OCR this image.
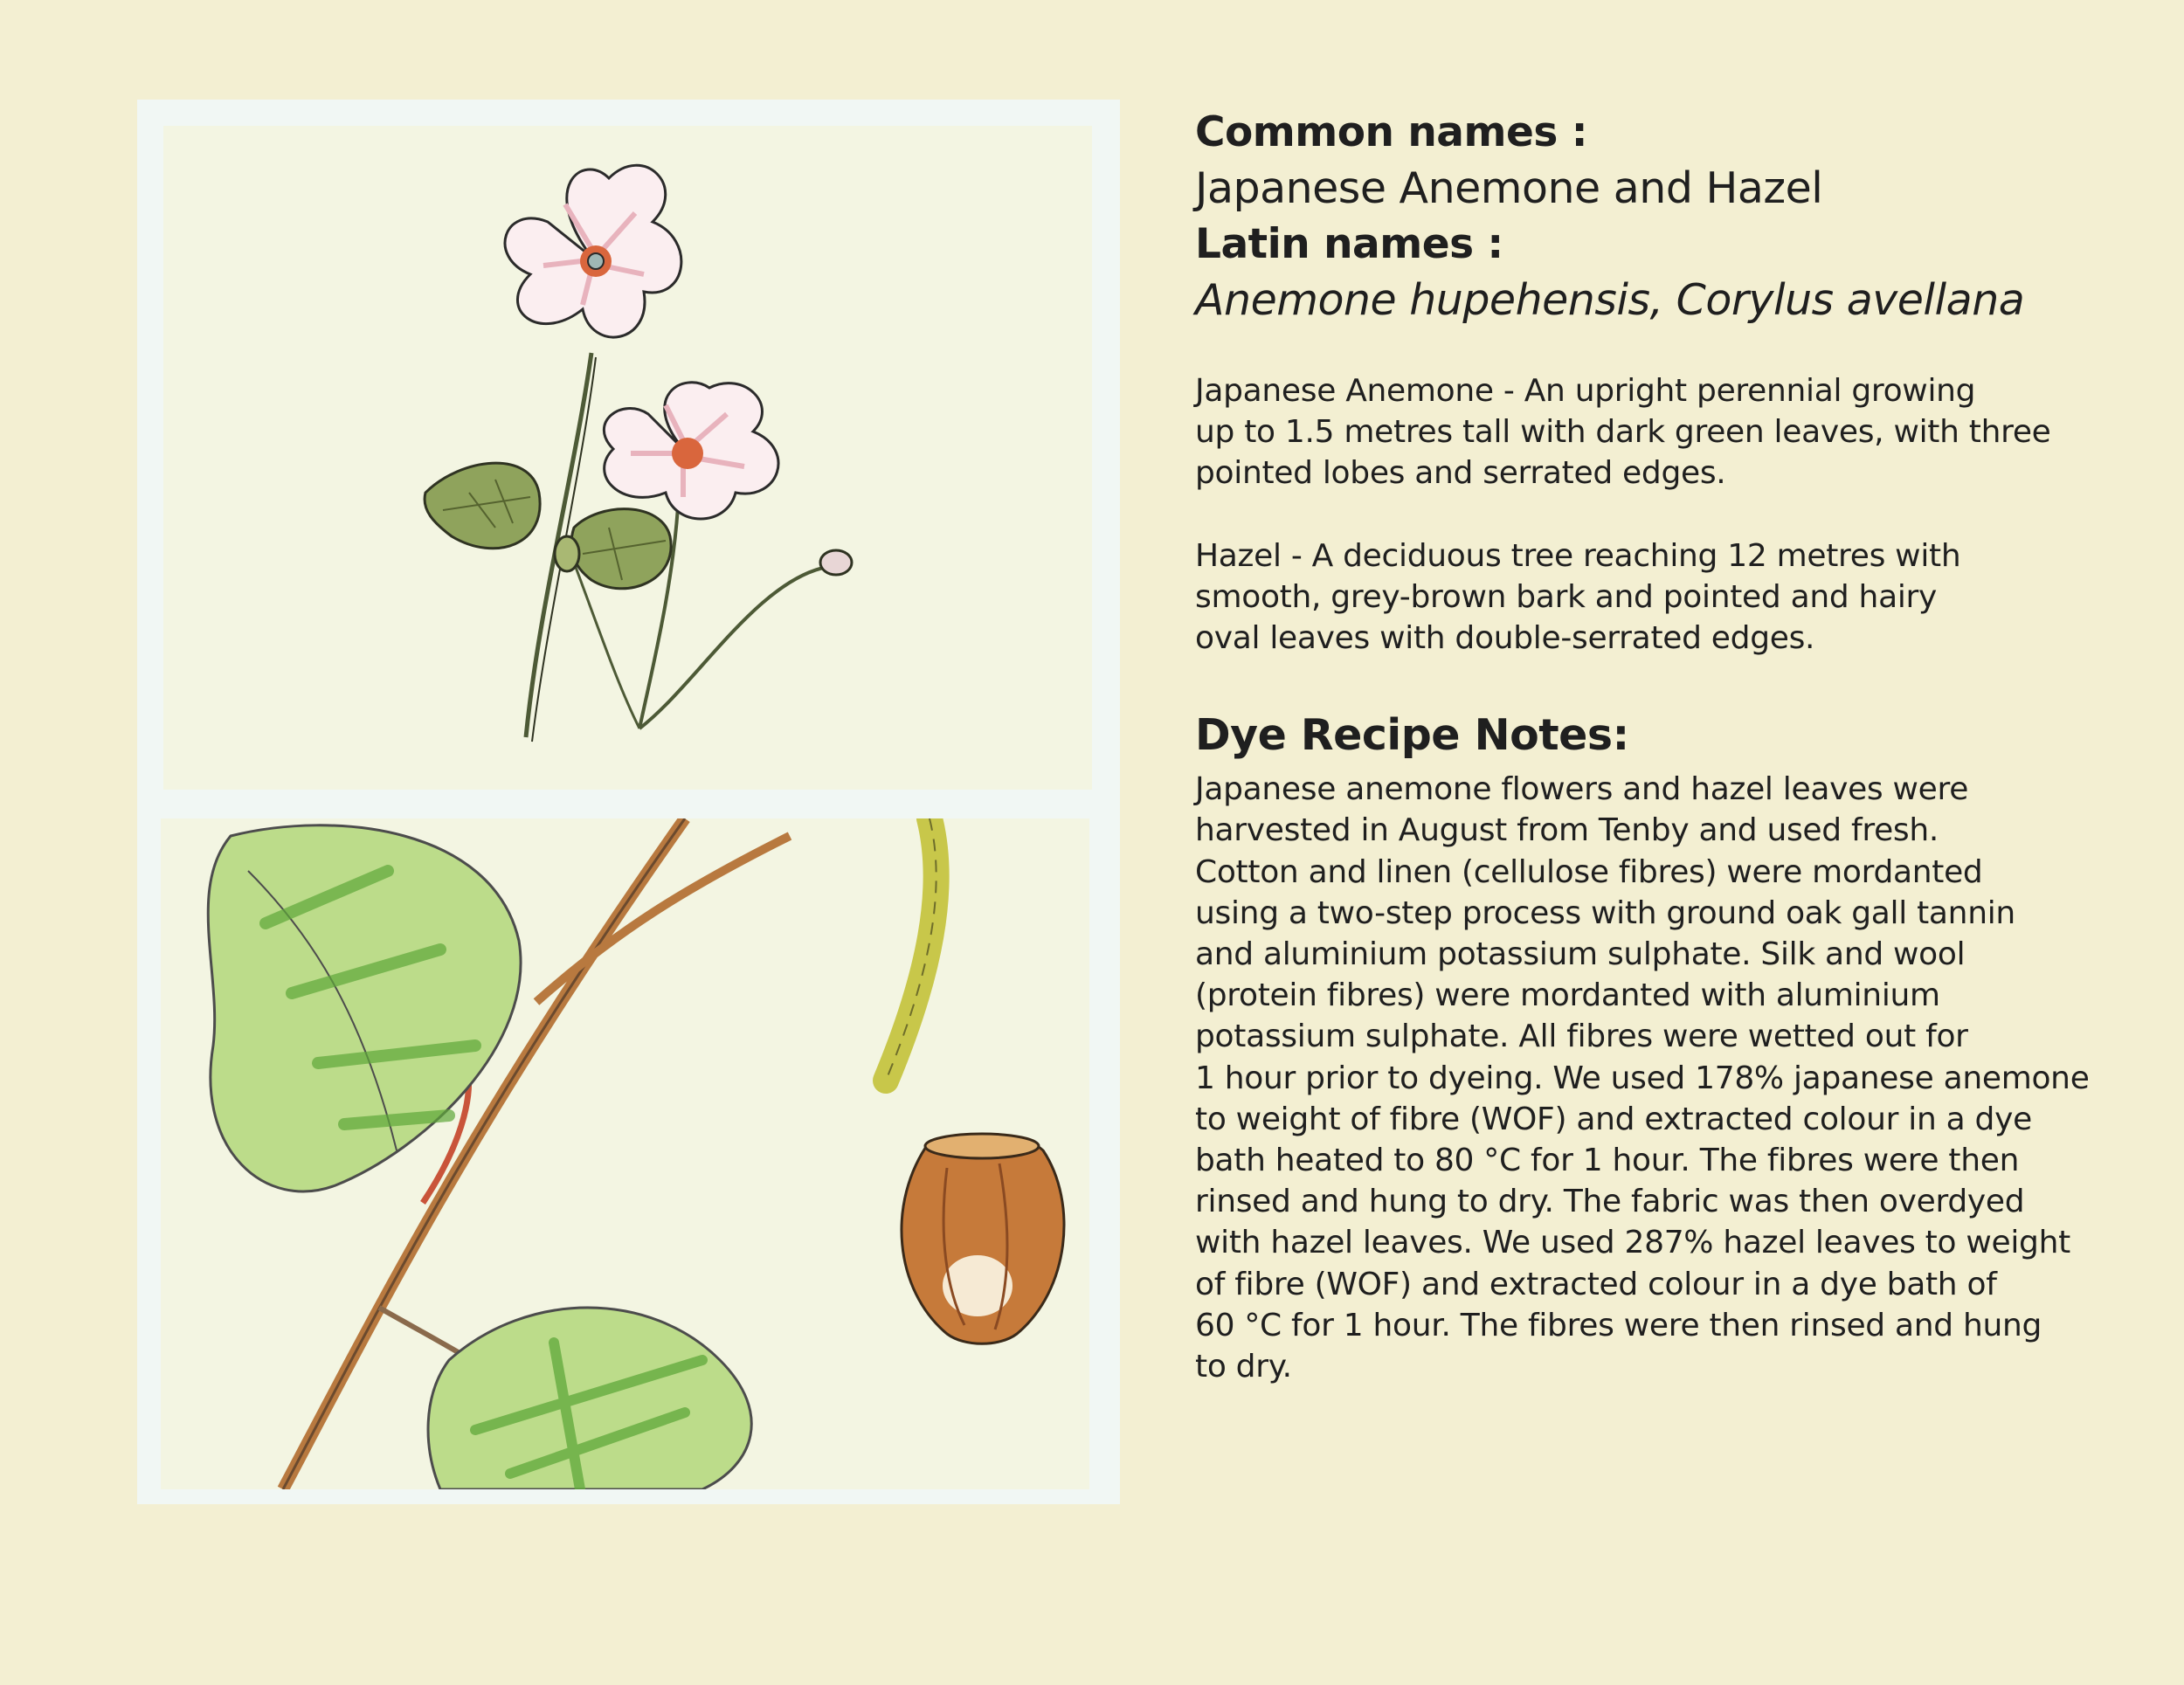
Common names :
Japanese Anemone and Hazel
Latin names :
Anemone hupehensis, Corylus avellana

Japanese Anemone - An upright perennial growing
up to 1.5 metres tall with dark green leaves, with three
pointed lobes and serrated edges.

Hazel - A deciduous tree reaching 12 metres with
smooth, grey-brown bark and pointed and hairy
oval leaves with double-serrated edges.

Dye Recipe Notes:

Japanese anemone flowers and hazel leaves were
harvested in August from Tenby and used fresh.
Cotton and linen (cellulose fibres) were mordanted
using a two-step process with ground oak gall tannin
and aluminium potassium sulphate. Silk and wool
(protein fibres) were mordanted with aluminium
potassium sulphate. All fibres were wetted out for
1 hour prior to dyeing. We used 178% japanese anemone
to weight of fibre (WOF) and extracted colour in a dye
bath heated to 80 °C for 1 hour. The fibres were then
rinsed and hung to dry. The fabric was then overdyed
with hazel leaves. We used 287% hazel leaves to weight
of fibre (WOF) and extracted colour in a dye bath of
60 °C for 1 hour. The fibres were then rinsed and hung
to dry.
